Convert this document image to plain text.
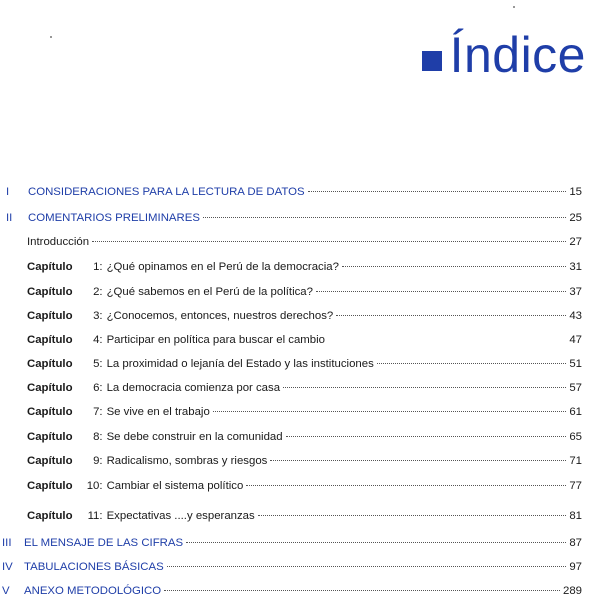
Índice
I	CONSIDERACIONES PARA LA LECTURA DE DATOS	15
II	COMENTARIOS PRELIMINARES	25
Introducción	27
Capítulo	1: ¿Qué opinamos en el Perú de la democracia?	31
Capítulo	2: ¿Qué sabemos en el Perú de la política?	37
Capítulo	3: ¿Conocemos, entonces, nuestros derechos?	43
Capítulo	4: Participar en política para buscar el cambio	47
Capítulo	5: La proximidad o lejanía del Estado y las instituciones	51
Capítulo	6: La democracia comienza por casa	57
Capítulo	7: Se vive en el trabajo	61
Capítulo	8: Se debe construir en la comunidad	65
Capítulo	9: Radicalismo, sombras y riesgos	71
Capítulo	10: Cambiar el sistema político	77
Capítulo	11: Expectativas ....y esperanzas	81
III	EL MENSAJE DE LAS CIFRAS	87
IV TABULACIONES BÁSICAS	97
V	ANEXO METODOLÓGICO	289
